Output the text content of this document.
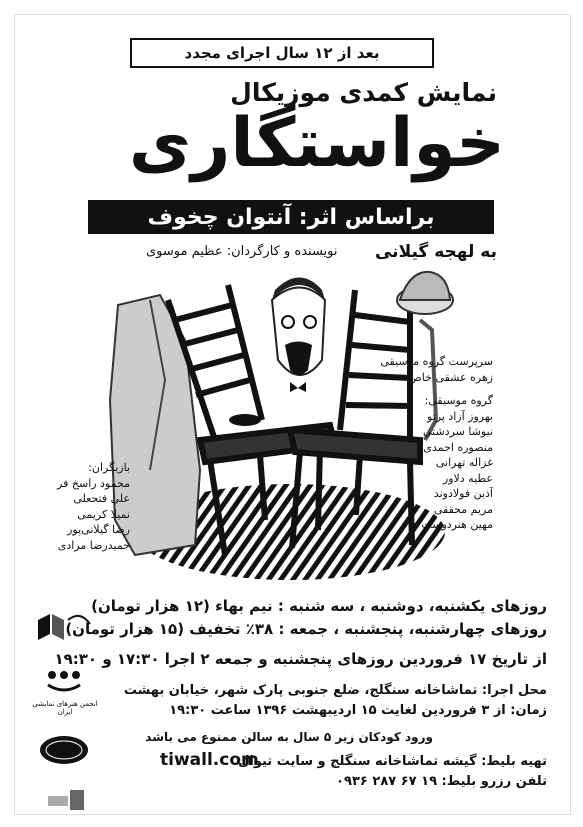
بعد از ۱۲ سال اجرای مجدد
نمایش کمدی موزیکال
خواستگاری
براساس اثر: آنتوان چخوف
به لهجه گیلانی
نویسنده و کارگردان: عظیم موسوی
بازیگران:
محمود راسخ فر
علی فتحعلی
نمیلا کریمی
رضا گیلانی‌پور
حمیدرضا مرادی
سرپرست گروه موسیقی
زهره عشقی خاص
گروه موسیقی:
بهروز آزاد پرتو
نیوشا سردشتی
منصوره احمدی
غزاله تهرانی
عطیه دلاور
آذین فولادوند
مریم محققی
مهین هنردوست
روزهای یکشنبه، دوشنبه ، سه شنبه : نیم بهاء (۱۲ هزار تومان)
روزهای چهارشنبه، پنجشنبه ، جمعه : ۳۸٪ تخفیف (۱۵ هزار تومان)
از تاریخ ۱۷ فروردین روزهای پنجشنبه و جمعه ۲ اجرا ۱۷:۳۰ و ۱۹:۳۰
محل اجرا: تماشاخانه سنگلج، ضلع جنوبی پارک شهر، خیابان بهشت
زمان: از ۳ فروردین لغایت ۱۵ اردیبهشت ۱۳۹۶ ساعت ۱۹:۳۰
ورود کودکان زیر ۵ سال به سالن ممنوع می باشد
تهیه بلیط: گیشه تماشاخانه سنگلج و سایت تیوال
تلفن رزرو بلیط: ۱۹ ۶۷ ۲۸۷ ۰۹۳۶
tiwall.com
انجمن هنرهای نمایشی ایران
